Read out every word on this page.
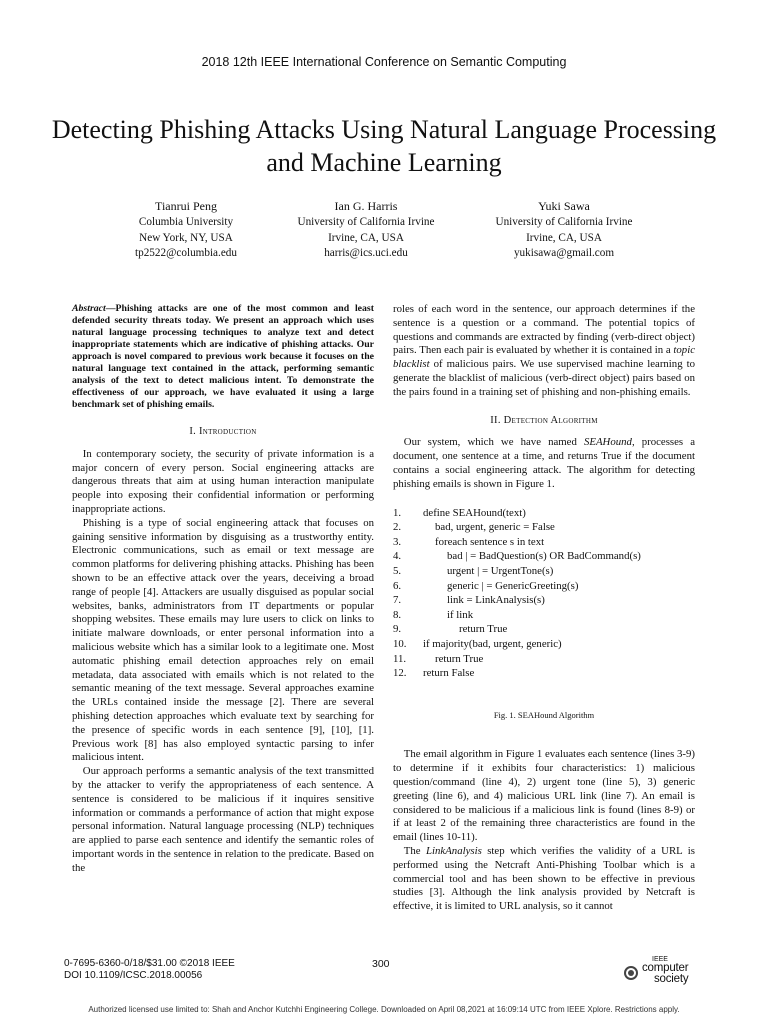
2018 12th IEEE International Conference on Semantic Computing
Detecting Phishing Attacks Using Natural Language Processing and Machine Learning
Tianrui Peng
Columbia University
New York, NY, USA
tp2522@columbia.edu
Ian G. Harris
University of California Irvine
Irvine, CA, USA
harris@ics.uci.edu
Yuki Sawa
University of California Irvine
Irvine, CA, USA
yukisawa@gmail.com
Abstract—Phishing attacks are one of the most common and least defended security threats today. We present an approach which uses natural language processing techniques to analyze text and detect inappropriate statements which are indicative of phishing attacks. Our approach is novel compared to previous work because it focuses on the natural language text contained in the attack, performing semantic analysis of the text to detect malicious intent. To demonstrate the effectiveness of our approach, we have evaluated it using a large benchmark set of phishing emails.
I. Introduction

In contemporary society, the security of private information is a major concern of every person. Social engineering attacks are dangerous threats that aim at using human interaction manipulate people into exposing their confidential information or performing inappropriate actions.

Phishing is a type of social engineering attack that focuses on gaining sensitive information by disguising as a trustworthy entity. Electronic communications, such as email or text message are common platforms for delivering phishing attacks. Phishing has been shown to be an effective attack over the years, deceiving a broad range of people [4]. Attackers are usually disguised as popular social websites, banks, administrators from IT departments or popular shopping websites. These emails may lure users to click on links to initiate malware downloads, or enter personal information into a malicious website which has a similar look to a legitimate one. Most automatic phishing email detection approaches rely on email metadata, data associated with emails which is not related to the semantic meaning of the text message. Several approaches examine the URLs contained inside the message [2]. There are several phishing detection approaches which evaluate text by searching for the presence of specific words in each sentence [9], [10], [1]. Previous work [8] has also employed syntactic parsing to infer malicious intent.

Our approach performs a semantic analysis of the text transmitted by the attacker to verify the appropriateness of each sentence. A sentence is considered to be malicious if it inquires sensitive information or commands a performance of action that might expose personal information. Natural language processing (NLP) techniques are applied to parse each sentence and identify the semantic roles of important words in the sentence in relation to the predicate. Based on the

roles of each word in the sentence, our approach determines if the sentence is a question or a command. The potential topics of questions and commands are extracted by finding (verb-direct object) pairs. Then each pair is evaluated by whether it is contained in a topic blacklist of malicious pairs. We use supervised machine learning to generate the blacklist of malicious (verb-direct object) pairs based on the pairs found in a training set of phishing and non-phishing emails.

II. Detection Algorithm

Our system, which we have named SEAHound, processes a document, one sentence at a time, and returns True if the document contains a social engineering attack. The algorithm for detecting phishing emails is shown in Figure 1.

1.	define SEAHound(text)
2.	bad, urgent, generic = False
3.	foreach sentence s in text
4.	bad | = BadQuestion(s) OR BadCommand(s)
5.	urgent | = UrgentTone(s)
6.	generic | = GenericGreeting(s)
7.	link = LinkAnalysis(s)
8.	if link
9.	return True
10.	if majority(bad, urgent, generic)
11.	return True
12.	return False
Fig. 1. SEAHound Algorithm

The email algorithm in Figure 1 evaluates each sentence (lines 3-9) to determine if it exhibits four characteristics: 1) malicious question/command (line 4), 2) urgent tone (line 5), 3) generic greeting (line 6), and 4) malicious URL link (line 7). An email is considered to be malicious if a malicious link is found (lines 8-9) or if at least 2 of the remaining three characteristics are found in the email (lines 10-11).

The LinkAnalysis step which verifies the validity of a URL is performed using the Netcraft Anti-Phishing Toolbar which is a commercial tool and has been shown to be effective in previous studies [3]. Although the link analysis provided by Netcraft is effective, it is limited to URL analysis, so it cannot

0-7695-6360-0/18/$31.00 ©2018 IEEE
DOI 10.1109/ICSC.2018.00056
300	IEEE
computer
society
Authorized licensed use limited to: Shah and Anchor Kutchhi Engineering College. Downloaded on April 08,2021 at 16:09:14 UTC from IEEE Xplore. Restrictions apply.
